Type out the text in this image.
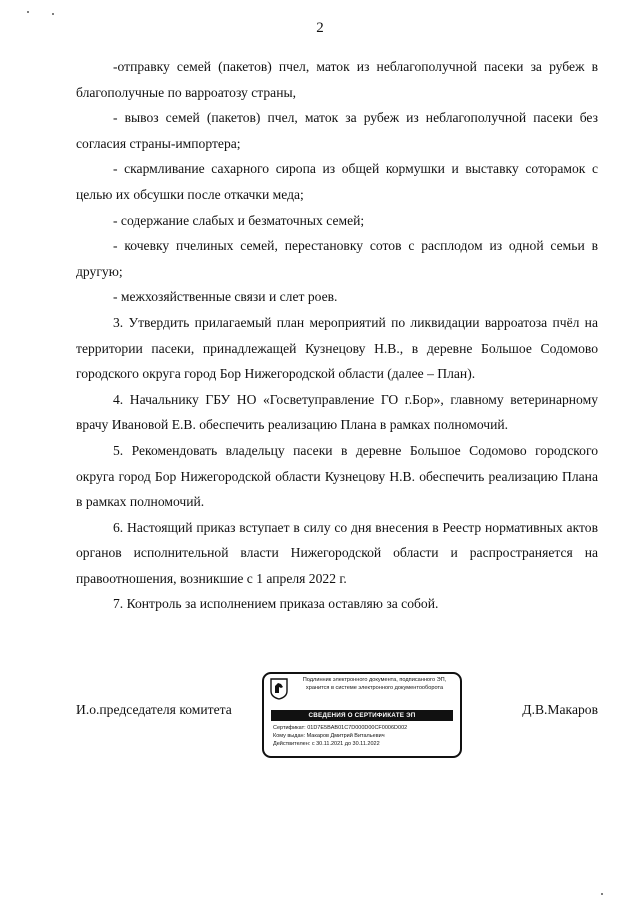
2

-отправку семей (пакетов) пчел, маток из неблагополучной пасеки за рубеж в благополучные по варроатозу страны,

- вывоз семей (пакетов) пчел, маток за рубеж из неблагополучной пасеки без согласия страны-импортера;

- скармливание сахарного сиропа из общей кормушки и выставку соторамок с целью их обсушки после откачки меда;

- содержание слабых и безматочных семей;

- кочевку пчелиных семей, перестановку сотов с расплодом из одной семьи в другую;

- межхозяйственные связи и слет роев.

3. Утвердить прилагаемый план мероприятий по ликвидации варроатоза пчёл на территории пасеки, принадлежащей Кузнецову Н.В., в деревне Большое Содомово городского округа город Бор Нижегородской области (далее – План).

4. Начальнику ГБУ НО «Госветуправление ГО г.Бор», главному ветеринарному врачу Ивановой Е.В. обеспечить реализацию Плана в рамках полномочий.

5. Рекомендовать владельцу пасеки в деревне Большое Содомово городского округа город Бор Нижегородской области Кузнецову Н.В. обеспечить реализацию Плана в рамках полномочий.

6. Настоящий приказ вступает в силу со дня внесения в Реестр нормативных актов органов исполнительной власти Нижегородской области и распространяется на правоотношения, возникшие с 1 апреля 2022 г.

7. Контроль за исполнением приказа оставляю за собой.

И.о.председателя комитета
Подлинник электронного документа, подписанного ЭП, хранится в системе электронного документооборота
СВЕДЕНИЯ О СЕРТИФИКАТЕ ЭП
Сертификат: 01D7E5BAB01C7D000D00CF0006D002
Кому выдан: Макаров Дмитрий Витальевич
Действителен: с 30.11.2021 до 30.11.2022
Д.В.Макаров
